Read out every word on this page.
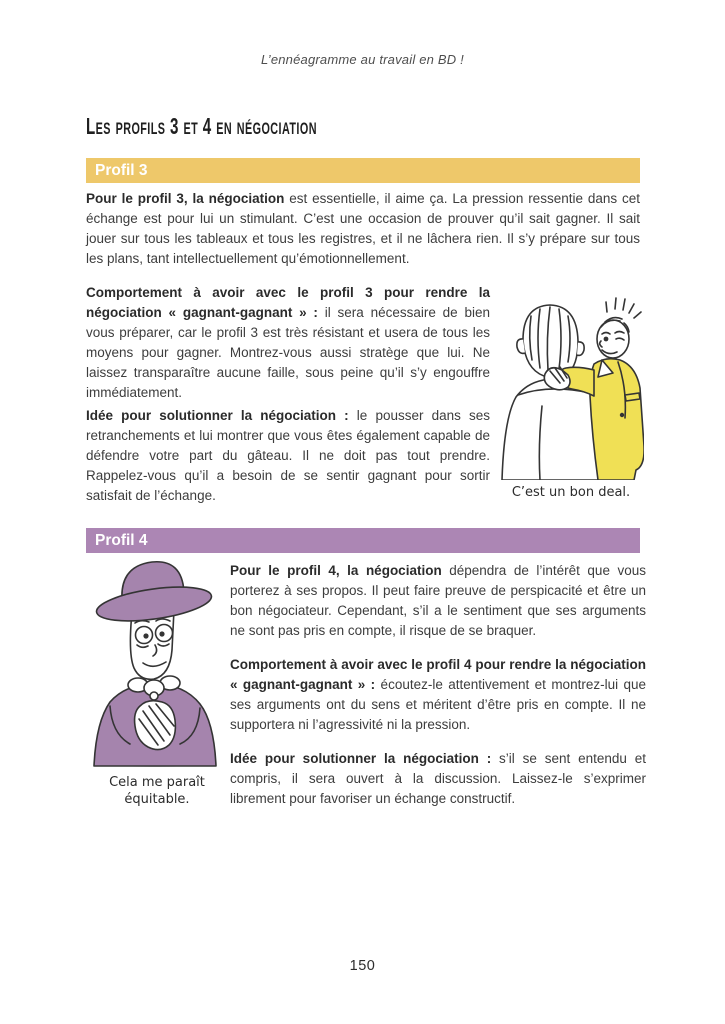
L’ennéagramme au travail en BD !
Les profils 3 et 4 en négociation
Profil 3

Pour le profil 3, la négociation est essentielle, il aime ça. La pression ressentie dans cet échange est pour lui un stimulant. C’est une occasion de prouver qu’il sait gagner. Il sait jouer sur tous les tableaux et tous les registres, et il ne lâchera rien. Il s’y prépare sur tous les plans, tant intellectuellement qu’émotionnellement.

Comportement à avoir avec le profil 3 pour rendre la négociation « gagnant-gagnant » : il sera nécessaire de bien vous préparer, car le profil 3 est très résistant et usera de tous les moyens pour gagner. Montrez-vous aussi stratège que lui. Ne laissez transparaître aucune faille, sous peine qu’il s’y engouffre immédiatement.

Idée pour solutionner la négociation : le pousser dans ses retranchements et lui montrer que vous êtes également capable de défendre votre part du gâteau. Il ne doit pas tout prendre. Rappelez-vous qu’il a besoin de se sentir gagnant pour sortir satisfait de l’échange.	C’est un bon deal.
Profil 4
Cela me paraît équitable.

Pour le profil 4, la négociation dépendra de l’intérêt que vous porterez à ses propos. Il peut faire preuve de perspicacité et être un bon négociateur. Cependant, s’il a le sentiment que ses arguments ne sont pas pris en compte, il risque de se braquer.

Comportement à avoir avec le profil 4 pour rendre la négociation « gagnant-gagnant » : écoutez-le attentivement et montrez-lui que ses arguments ont du sens et méritent d’être pris en compte. Il ne supportera ni l’agressivité ni la pression.

Idée pour solutionner la négociation : s’il se sent entendu et compris, il sera ouvert à la discussion. Laissez-le s’exprimer librement pour favoriser un échange constructif.

150
